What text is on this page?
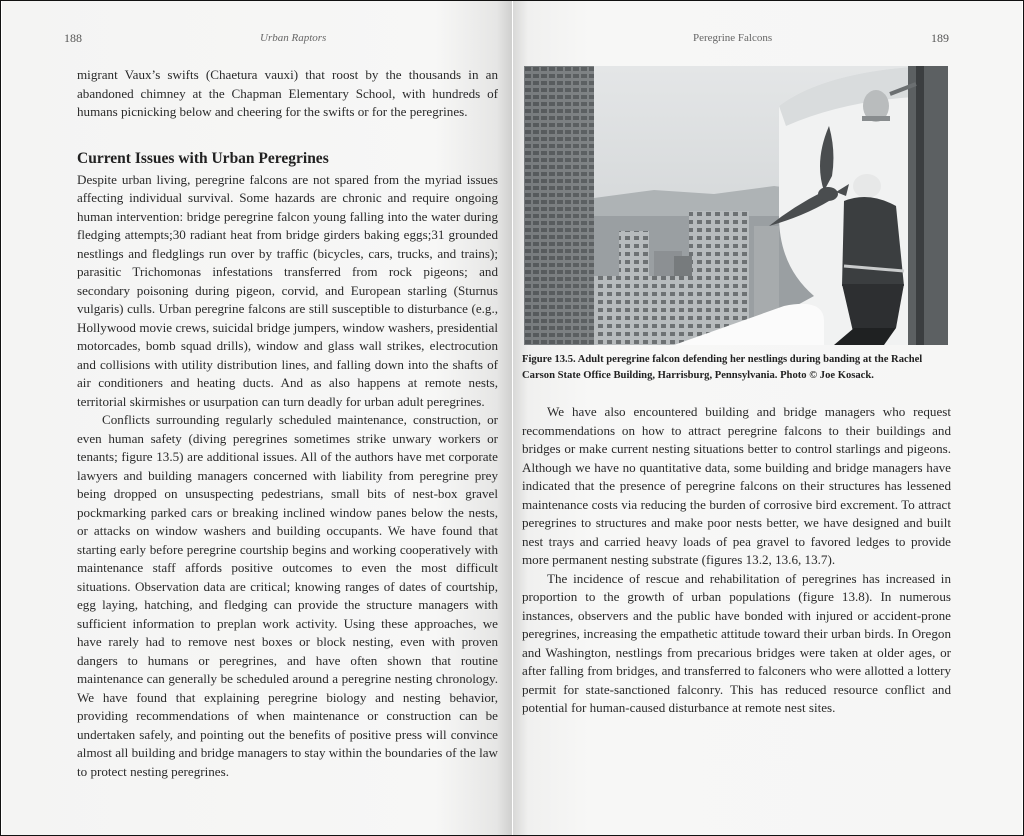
188	Urban Raptors

migrant Vaux’s swifts (Chaetura vauxi) that roost by the thousands in an abandoned chimney at the Chapman Elementary School, with hundreds of humans picnicking below and cheering for the swifts or for the peregrines.

Current Issues with Urban Peregrines

Despite urban living, peregrine falcons are not spared from the myriad issues affecting individual survival. Some hazards are chronic and require ongoing human intervention: bridge peregrine falcon young falling into the water during fledging attempts;30 radiant heat from bridge girders baking eggs;31 grounded nestlings and fledglings run over by traffic (bicycles, cars, trucks, and trains); parasitic Trichomonas infestations transferred from rock pigeons; and secondary poisoning during pigeon, corvid, and European starling (Sturnus vulgaris) culls. Urban peregrine falcons are still susceptible to disturbance (e.g., Hollywood movie crews, suicidal bridge jumpers, window washers, presidential motorcades, bomb squad drills), window and glass wall strikes, electrocution and collisions with utility distribution lines, and falling down into the shafts of air conditioners and heating ducts. And as also happens at remote nests, territorial skirmishes or usurpation can turn deadly for urban adult peregrines.

Conflicts surrounding regularly scheduled maintenance, construction, or even human safety (diving peregrines sometimes strike unwary workers or tenants; figure 13.5) are additional issues. All of the authors have met corporate lawyers and building managers concerned with liability from peregrine prey being dropped on unsuspecting pedestrians, small bits of nest-box gravel pockmarking parked cars or breaking inclined window panes below the nests, or attacks on window washers and building occupants. We have found that starting early before peregrine courtship begins and working cooperatively with maintenance staff affords positive outcomes to even the most difficult situations. Observation data are critical; knowing ranges of dates of courtship, egg laying, hatching, and fledging can provide the structure managers with sufficient information to preplan work activity. Using these approaches, we have rarely had to remove nest boxes or block nesting, even with proven dangers to humans or peregrines, and have often shown that routine maintenance can generally be scheduled around a peregrine nesting chronology. We have found that explaining peregrine biology and nesting behavior, providing recommendations of when maintenance or construction can be undertaken safely, and pointing out the benefits of positive press will convince almost all building and bridge managers to stay within the boundaries of the law to protect nesting peregrines.

Peregrine Falcons	189
Figure 13.5. Adult peregrine falcon defending her nestlings during banding at the Rachel Carson State Office Building, Harrisburg, Pennsylvania. Photo © Joe Kosack.

We have also encountered building and bridge managers who request recommendations on how to attract peregrine falcons to their buildings and bridges or make current nesting situations better to control starlings and pigeons. Although we have no quantitative data, some building and bridge managers have indicated that the presence of peregrine falcons on their structures has lessened maintenance costs via reducing the burden of corrosive bird excrement. To attract peregrines to structures and make poor nests better, we have designed and built nest trays and carried heavy loads of pea gravel to favored ledges to provide more permanent nesting substrate (figures 13.2, 13.6, 13.7).

The incidence of rescue and rehabilitation of peregrines has increased in proportion to the growth of urban populations (figure 13.8). In numerous instances, observers and the public have bonded with injured or accident-prone peregrines, increasing the empathetic attitude toward their urban birds. In Oregon and Washington, nestlings from precarious bridges were taken at older ages, or after falling from bridges, and transferred to falconers who were allotted a lottery permit for state-sanctioned falconry. This has reduced resource conflict and potential for human-caused disturbance at remote nest sites.
